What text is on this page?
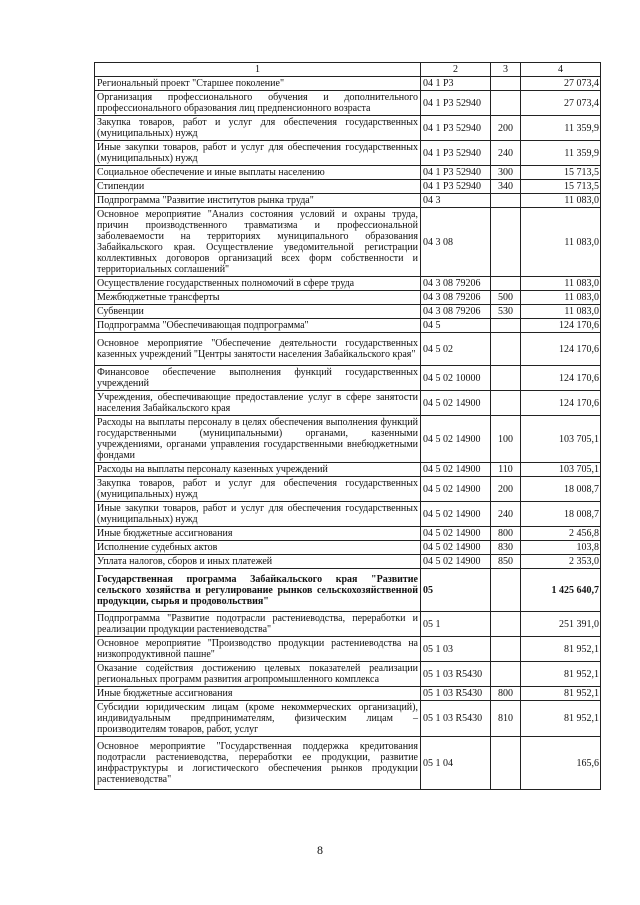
1	2	3	4
Региональный проект "Старшее поколение"	04 1 P3		27 073,4
Организация профессионального обучения и дополнительного профессионального образования лиц предпенсионного возраста	04 1 P3 52940		27 073,4
Закупка товаров, работ и услуг для обеспечения государственных (муниципальных) нужд	04 1 P3 52940	200	11 359,9
Иные закупки товаров, работ и услуг для обеспечения государственных (муниципальных) нужд	04 1 P3 52940	240	11 359,9
Социальное обеспечение и иные выплаты населению	04 1 P3 52940	300	15 713,5
Стипендии	04 1 P3 52940	340	15 713,5
Подпрограмма "Развитие институтов рынка труда"	04 3		11 083,0
Основное мероприятие "Анализ состояния условий и охраны труда, причин производственного травматизма и профессиональной заболеваемости на территориях муниципального образования Забайкальского края. Осуществление уведомительной регистрации коллективных договоров организаций всех форм собственности и территориальных соглашений"	04 3 08		11 083,0
Осуществление государственных полномочий в сфере труда	04 3 08 79206		11 083,0
Межбюджетные трансферты	04 3 08 79206	500	11 083,0
Субвенции	04 3 08 79206	530	11 083,0
Подпрограмма "Обеспечивающая подпрограмма"	04 5		124 170,6
Основное мероприятие "Обеспечение деятельности государственных казенных учреждений "Центры занятости населения Забайкальского края"	04 5 02		124 170,6
Финансовое обеспечение выполнения функций государственных учреждений	04 5 02 10000		124 170,6
Учреждения, обеспечивающие предоставление услуг в сфере занятости населения Забайкальского края	04 5 02 14900		124 170,6
Расходы на выплаты персоналу в целях обеспечения выполнения функций государственными (муниципальными) органами, казенными учреждениями, органами управления государственными внебюджетными фондами	04 5 02 14900	100	103 705,1
Расходы на выплаты персоналу казенных учреждений	04 5 02 14900	110	103 705,1
Закупка товаров, работ и услуг для обеспечения государственных (муниципальных) нужд	04 5 02 14900	200	18 008,7
Иные закупки товаров, работ и услуг для обеспечения государственных (муниципальных) нужд	04 5 02 14900	240	18 008,7
Иные бюджетные ассигнования	04 5 02 14900	800	2 456,8
Исполнение судебных актов	04 5 02 14900	830	103,8
Уплата налогов, сборов и иных платежей	04 5 02 14900	850	2 353,0
Государственная программа Забайкальского края "Развитие сельского хозяйства и регулирование рынков сельскохозяйственной продукции, сырья и продовольствия"	05		1 425 640,7
Подпрограмма "Развитие подотрасли растениеводства, переработки и реализации продукции растениеводства"	05 1		251 391,0
Основное мероприятие "Производство продукции растениеводства на низкопродуктивной пашне"	05 1 03		81 952,1
Оказание содействия достижению целевых показателей реализации региональных программ развития агропромышленного комплекса	05 1 03 R5430		81 952,1
Иные бюджетные ассигнования	05 1 03 R5430	800	81 952,1
Субсидии юридическим лицам (кроме некоммерческих организаций), индивидуальным предпринимателям, физическим лицам – производителям товаров, работ, услуг	05 1 03 R5430	810	81 952,1
Основное мероприятие "Государственная поддержка кредитования подотрасли растениеводства, переработки ее продукции, развитие инфраструктуры и логистического обеспечения рынков продукции растениеводства"	05 1 04		165,6
8
